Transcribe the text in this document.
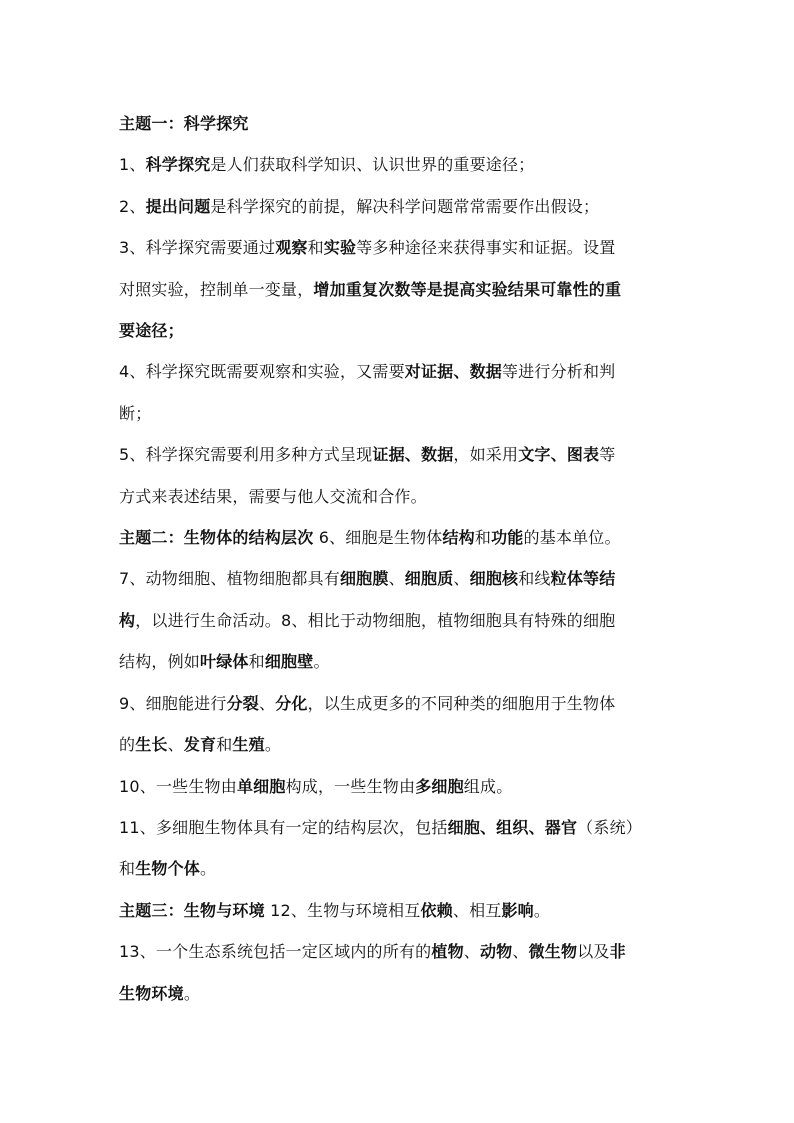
主题一：科学探究
1、科学探究是人们获取科学知识、认识世界的重要途径；
2、提出问题是科学探究的前提，解决科学问题常常需要作出假设；
3、科学探究需要通过观察和实验等多种途径来获得事实和证据。设置
对照实验，控制单一变量，增加重复次数等是提高实验结果可靠性的重
要途径；
4、科学探究既需要观察和实验，又需要对证据、数据等进行分析和判
断；
5、科学探究需要利用多种方式呈现证据、数据，如采用文字、图表等
方式来表述结果，需要与他人交流和合作。
主题二：生物体的结构层次 6、细胞是生物体结构和功能的基本单位。
7、动物细胞、植物细胞都具有细胞膜、细胞质、细胞核和线粒体等结
构，以进行生命活动。8、相比于动物细胞，植物细胞具有特殊的细胞
结构，例如叶绿体和细胞壁。
9、细胞能进行分裂、分化，以生成更多的不同种类的细胞用于生物体
的生长、发育和生殖。
10、一些生物由单细胞构成，一些生物由多细胞组成。
11、多细胞生物体具有一定的结构层次，包括细胞、组织、器官（系统）
和生物个体。
主题三：生物与环境 12、生物与环境相互依赖、相互影响。
13、一个生态系统包括一定区域内的所有的植物、动物、微生物以及非
生物环境。
